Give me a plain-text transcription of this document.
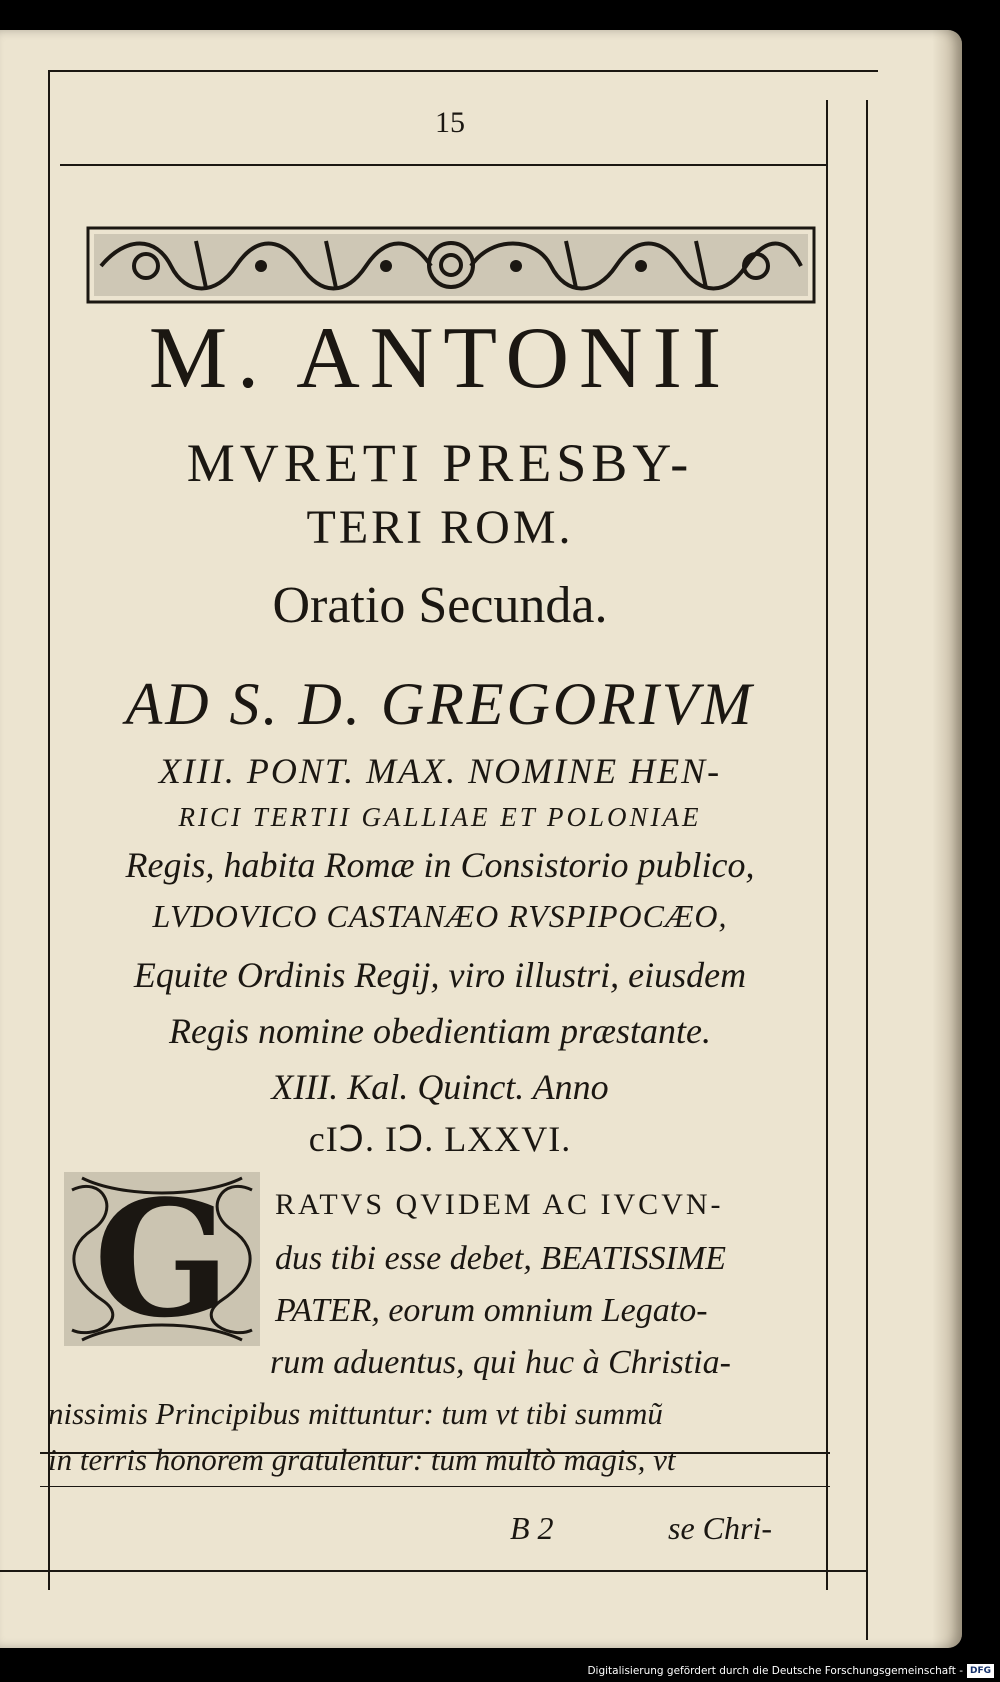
15

M. ANTONII

MVRETI PRESBY-

TERI ROM.

Oratio Secunda.

AD S. D. GREGORIVM

XIII. PONT. MAX. NOMINE HEN-

RICI TERTII GALLIAE ET POLONIAE

Regis, habita Romæ in Consistorio publico,

LVDOVICO CASTANÆO RVSPIPOCÆO,

Equite Ordinis Regij, viro illustri, eiusdem

Regis nomine obedientiam præstante.

XIII. Kal. Quinct. Anno

cIↃ. IↃ. LXXVI.

G	RATVS QVIDEM AC IVCVN-

dus tibi esse debet, BEATISSIME

PATER, eorum omnium Legato-

rum aduentus, qui huc à Christia-

nissimis Principibus mittuntur: tum vt tibi summũ

in terris honorem gratulentur: tum multò magis, vt

B 2	se Chri-

Digitalisierung gefördert durch die Deutsche Forschungsgemeinschaft - DFG
